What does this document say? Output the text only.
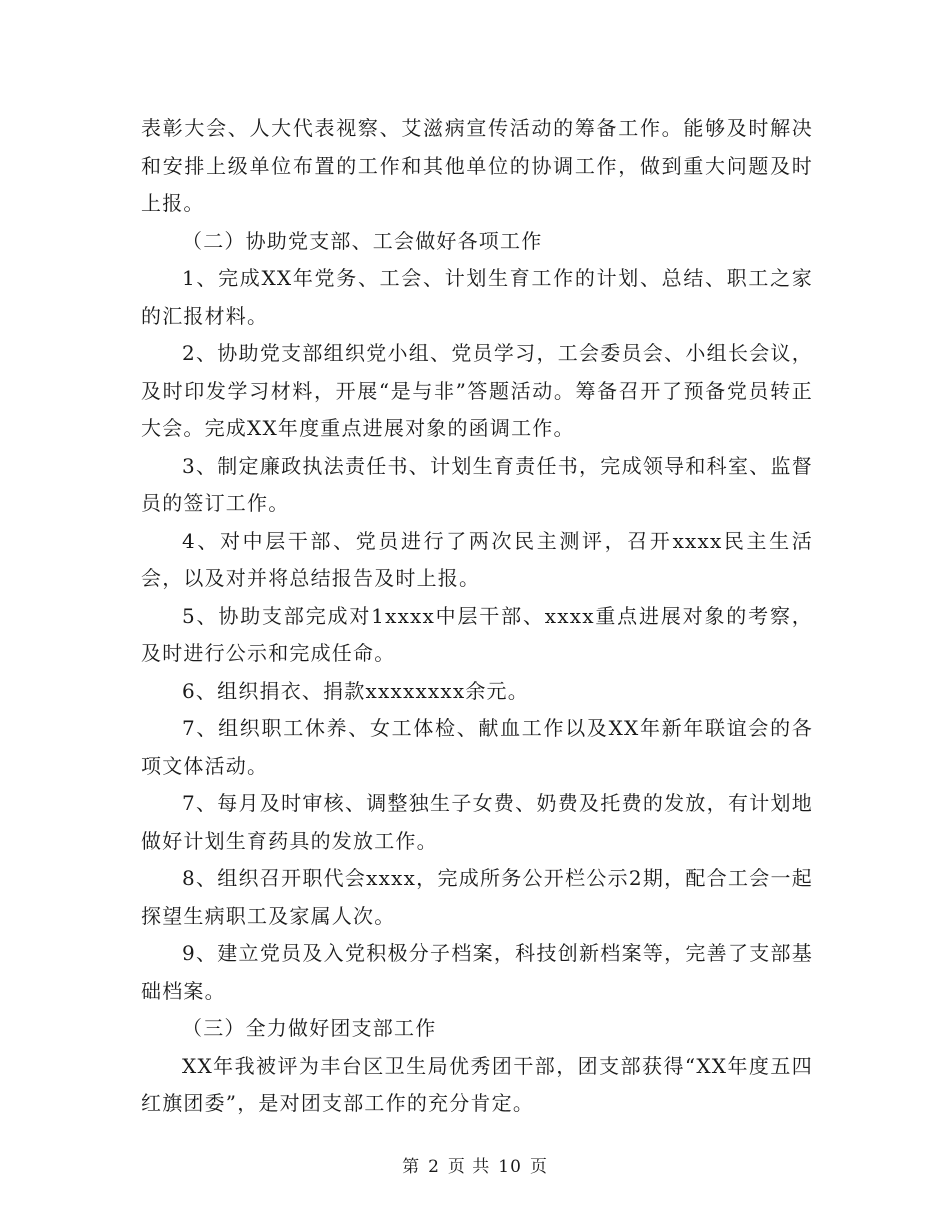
表彰大会、人大代表视察、艾滋病宣传活动的筹备工作。能够及时解决和安排上级单位布置的工作和其他单位的协调工作，做到重大问题及时上报。

（二）协助党支部、工会做好各项工作

1、完成XX年党务、工会、计划生育工作的计划、总结、职工之家的汇报材料。

2、协助党支部组织党小组、党员学习，工会委员会、小组长会议，及时印发学习材料，开展“是与非”答题活动。筹备召开了预备党员转正大会。完成XX年度重点进展对象的函调工作。

3、制定廉政执法责任书、计划生育责任书，完成领导和科室、监督员的签订工作。

4、对中层干部、党员进行了两次民主测评，召开xxxx民主生活会，以及对并将总结报告及时上报。

5、协助支部完成对1xxxx中层干部、xxxx重点进展对象的考察，及时进行公示和完成任命。

6、组织捐衣、捐款xxxxxxxx余元。

7、组织职工休养、女工体检、献血工作以及XX年新年联谊会的各项文体活动。

7、每月及时审核、调整独生子女费、奶费及托费的发放，有计划地做好计划生育药具的发放工作。

8、组织召开职代会xxxx，完成所务公开栏公示2期，配合工会一起探望生病职工及家属人次。

9、建立党员及入党积极分子档案，科技创新档案等，完善了支部基础档案。

（三）全力做好团支部工作

XX年我被评为丰台区卫生局优秀团干部，团支部获得“XX年度五四红旗团委”，是对团支部工作的充分肯定。

第 2 页 共 10 页
